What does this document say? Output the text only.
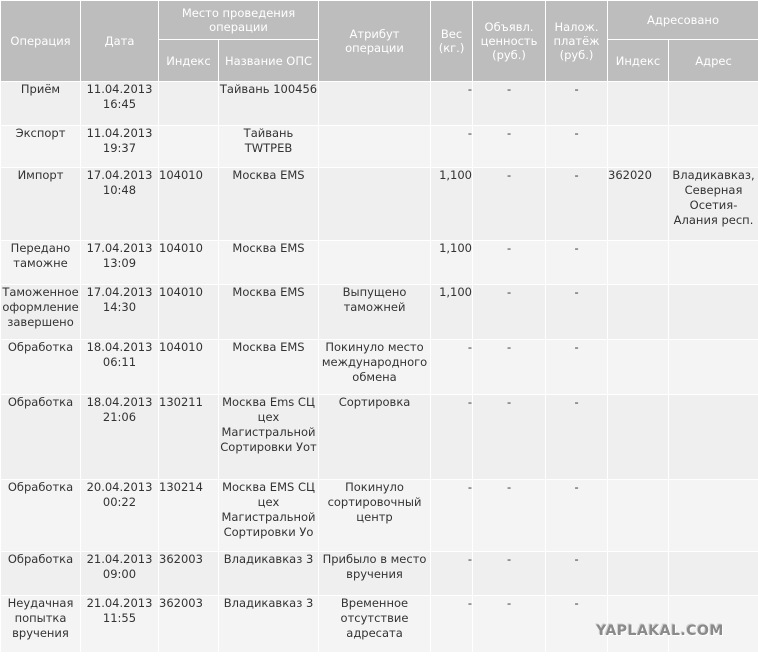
Операция	Дата	Место проведения операции		Атрибут операции	Вес (кг.)	Объявл. ценность (руб.)	Налож. платёж (руб.)	Адресовано	
		Индекс	Название ОПС					Индекс	Адрес
Приём	11.04.2013 16:45		Тайвань 100456		-	-	-		
Экспорт	11.04.2013 19:37		Тайвань TWTPEB		-	-	-		
Импорт	17.04.2013 10:48	104010	Москва EMS		1,100	-	-	362020	Владикавказ, Северная Осетия-Алания респ.
Передано таможне	17.04.2013 13:09	104010	Москва EMS		1,100	-	-		
Таможенное оформление завершено	17.04.2013 14:30	104010	Москва EMS	Выпущено таможней	1,100	-	-		
Обработка	18.04.2013 06:11	104010	Москва EMS	Покинуло место международного обмена	-	-	-		
Обработка	18.04.2013 21:06	130211	Москва Ems СЦ цех Магистральной Сортировки Уот	Сортировка	-	-	-		
Обработка	20.04.2013 00:22	130214	Москва EMS СЦ цех Магистральной Сортировки Уо	Покинуло сортировочный центр	-	-	-		
Обработка	21.04.2013 09:00	362003	Владикавказ 3	Прибыло в место вручения	-	-	-		
Неудачная попытка вручения	21.04.2013 11:55	362003	Владикавказ 3	Временное отсутствие адресата	-	-	-		
YAPLAKAL.COM
